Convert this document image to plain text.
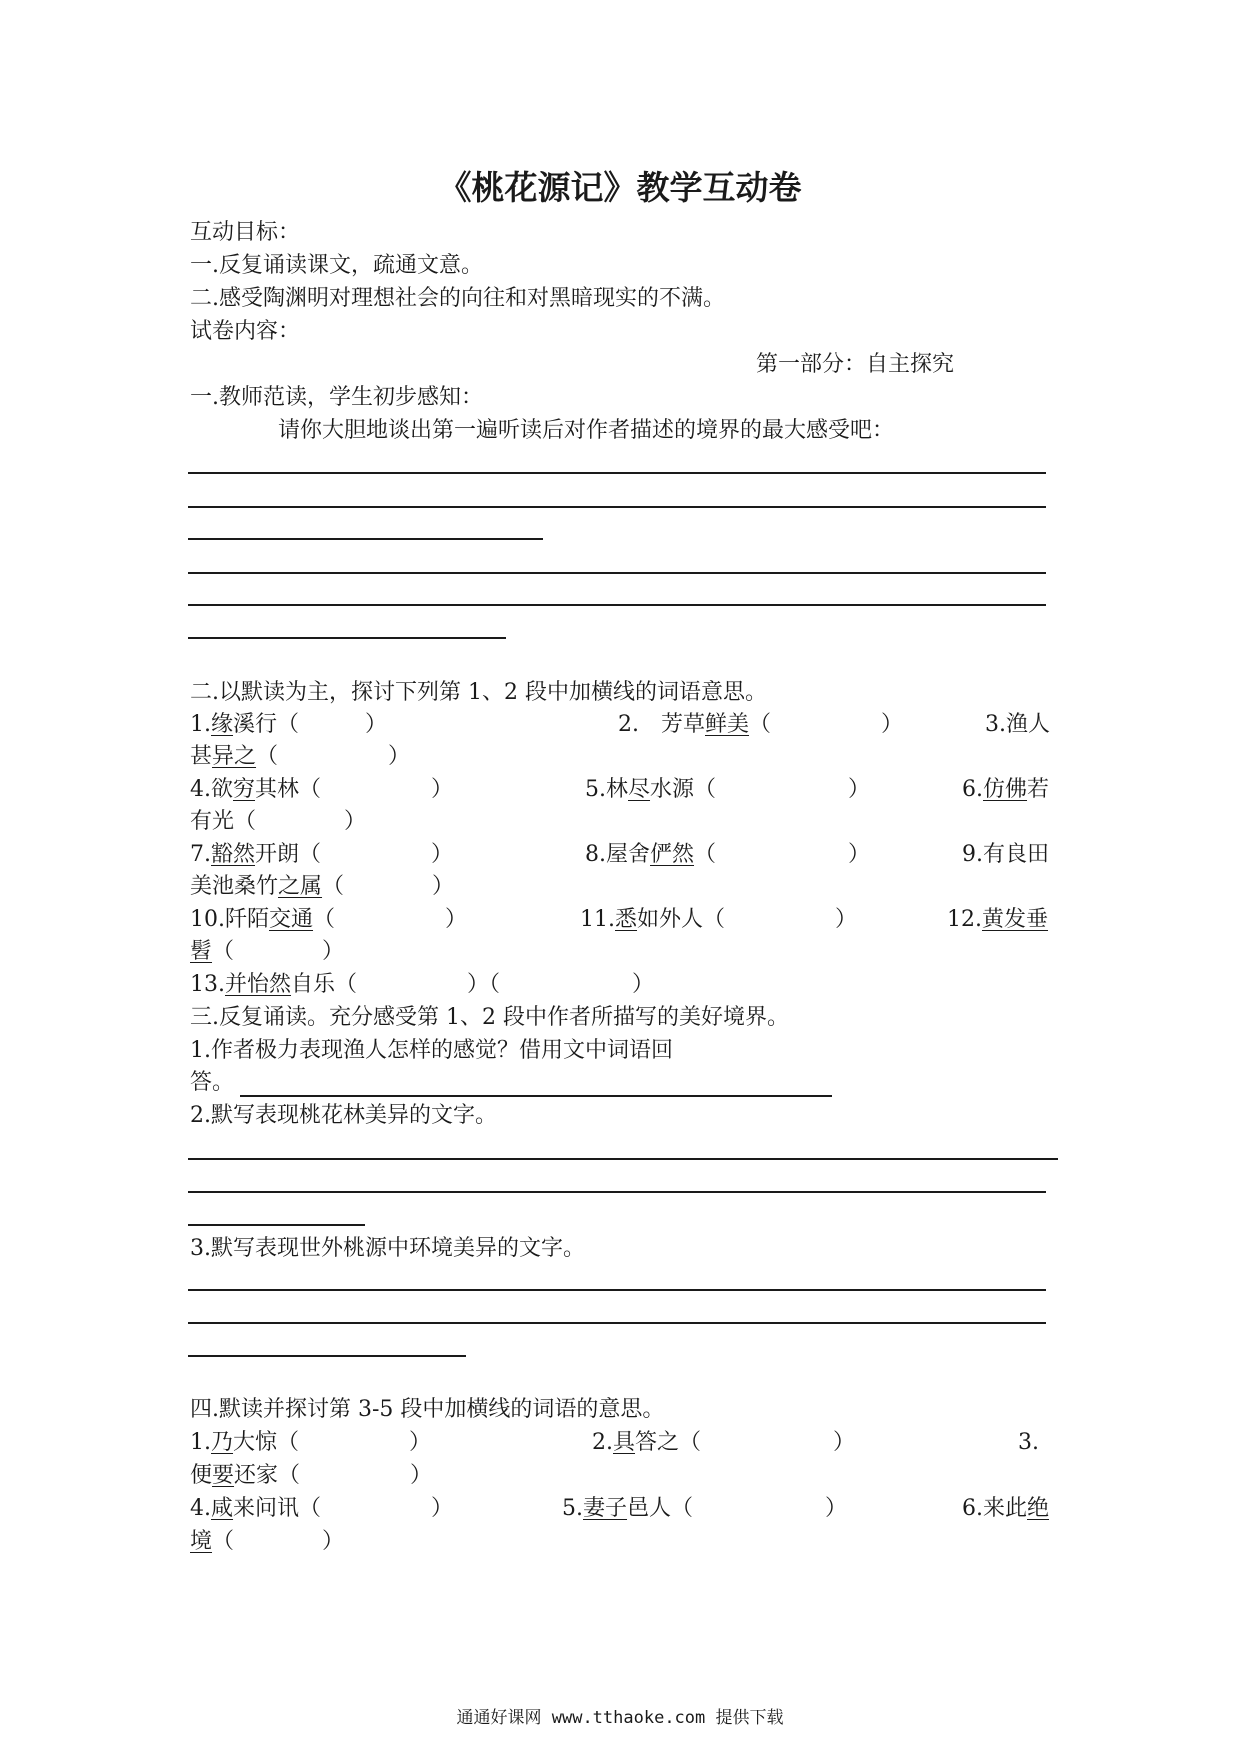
《桃花源记》教学互动卷
互动目标：
一.反复诵读课文，疏通文意。
二.感受陶渊明对理想社会的向往和对黑暗现实的不满。
试卷内容：
第一部分：自主探究
一.教师范读，学生初步感知：
请你大胆地谈出第一遍听读后对作者描述的境界的最大感受吧：
二.以默读为主，探讨下列第 1、2 段中加横线的词语意思。
1.缘溪行（　　　）	2.　芳草鲜美（　　　　　）	3.渔人
甚异之（　　　　　）
4.欲穷其林（　　　　　）	5.林尽水源（　　　　　　）	6.仿佛若
有光（　　　　）
7.豁然开朗（　　　　　）	8.屋舍俨然（　　　　　　）	9.有良田
美池桑竹之属（　　　　）
10.阡陌交通（　　　　　）	11.悉如外人（　　　　　）	12.黄发垂
髫（　　　　）
13.并怡然自乐（　　　　　）（　　　　　　）
三.反复诵读。充分感受第 1、2 段中作者所描写的美好境界。
1.作者极力表现渔人怎样的感觉？借用文中词语回
答。
2.默写表现桃花林美异的文字。
3.默写表现世外桃源中环境美异的文字。
四.默读并探讨第 3-5 段中加横线的词语的意思。
1.乃大惊（　　　　　）	2.具答之（　　　　　　）	3.
便要还家（　　　　　）
4.咸来问讯（　　　　　）	5.妻子邑人（　　　　　　）	6.来此绝
境（　　　　）
通通好课网 www.tthaoke.com 提供下载
